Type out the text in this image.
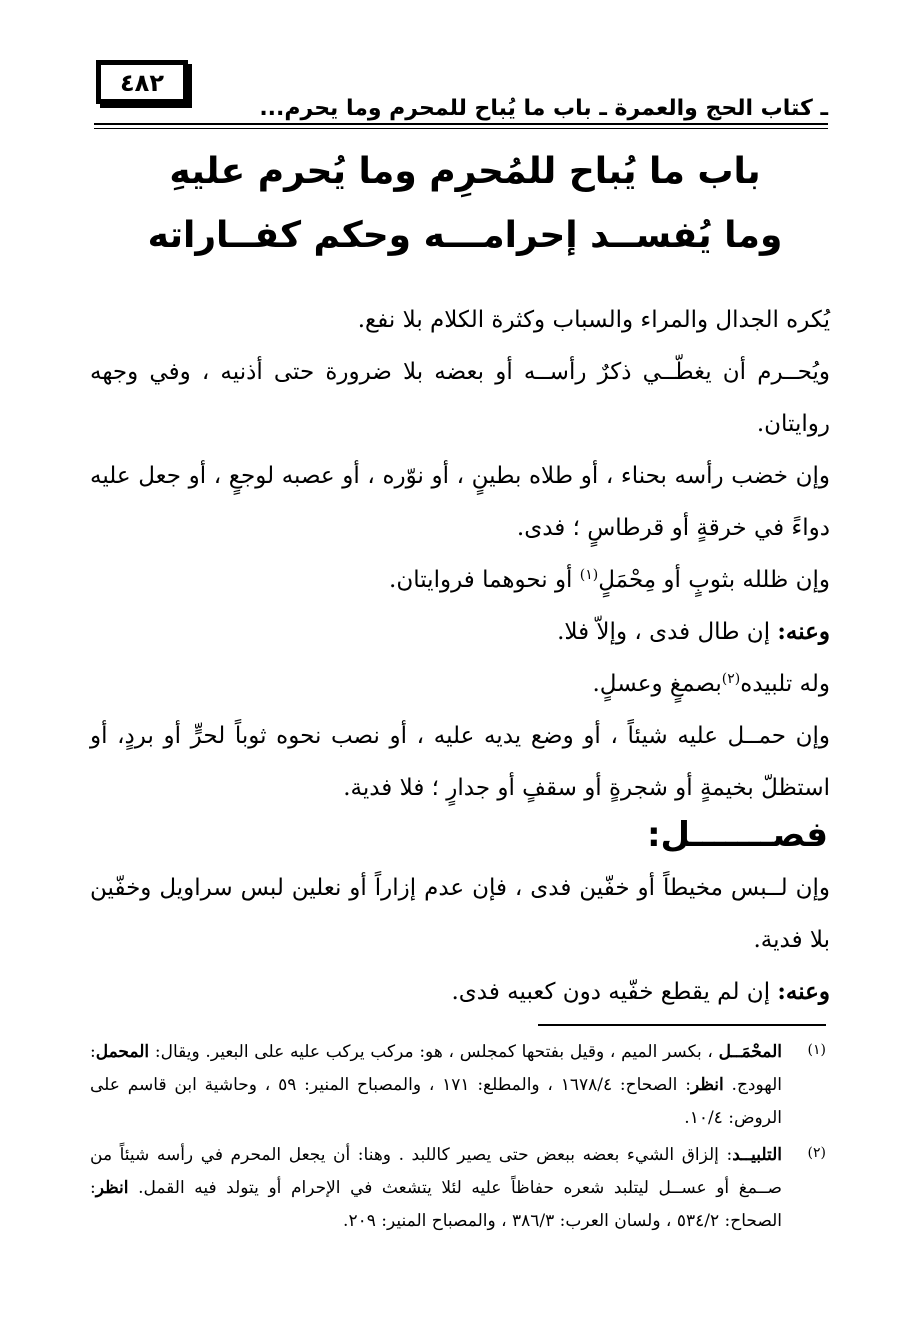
٤٨٢
ـ كتاب الحج والعمرة ـ باب ما يُباح للمحرم وما يحرم...
باب ما يُباح للمُحرِم وما يُحرم عليهِ
وما يُفســد إحرامـــه وحكم كفــاراته

يُكره الجدال والمراء والسباب وكثرة الكلام بلا نفع.

ويُحــرم أن يغطّــي ذكرٌ رأســه أو بعضه بلا ضرورة حتى أذنيه ، وفي وجهه روايتان.

وإن خضب رأسه بحناء ، أو طلاه بطينٍ ، أو نوّره ، أو عصبه لوجعٍ ، أو جعل عليه دواءً في خرقةٍ أو قرطاسٍ ؛ فدى.

وإن ظلله بثوبٍ أو مِحْمَلٍ$^{(١)}$ أو نحوهما فروايتان.

وعنه: إن طال فدى ، وإلاّ فلا.

وله تلبيده$^{(٢)}$بصمغٍ وعسلٍ.

وإن حمــل عليه شيئاً ، أو وضع يديه عليه ، أو نصب نحوه ثوباً لحرٍّ أو بردٍ، أو استظلّ بخيمةٍ أو شجرةٍ أو سقفٍ أو جدارٍ ؛ فلا فدية.

فصـــــــل:

وإن لــبس مخيطاً أو خفّين فدى ، فإن عدم إزاراً أو نعلين لبس سراويل وخفّين بلا فدية.

وعنه: إن لم يقطع خفّيه دون كعبيه فدى.

(١)
المحْمَــل ، بكسر الميم ، وقيل بفتحها كمجلس ، هو: مركب يركب عليه على البعير. ويقال: المحمل: الهودج. انظر: الصحاح: ١٦٧٨/٤ ، والمطلع: ١٧١ ، والمصباح المنير: ٥٩ ، وحاشية ابن قاسم على الروض: ١٠/٤.

(٢)
التلبيــد: إلزاق الشيء بعضه ببعض حتى يصير كاللبد . وهنا: أن يجعل المحرم في رأسه شيئاً من صــمغ أو عســل ليتلبد شعره حفاظاً عليه لئلا يتشعث في الإحرام أو يتولد فيه القمل. انظر: الصحاح: ٥٣٤/٢ ، ولسان العرب: ٣٨٦/٣ ، والمصباح المنير: ٢٠٩.
